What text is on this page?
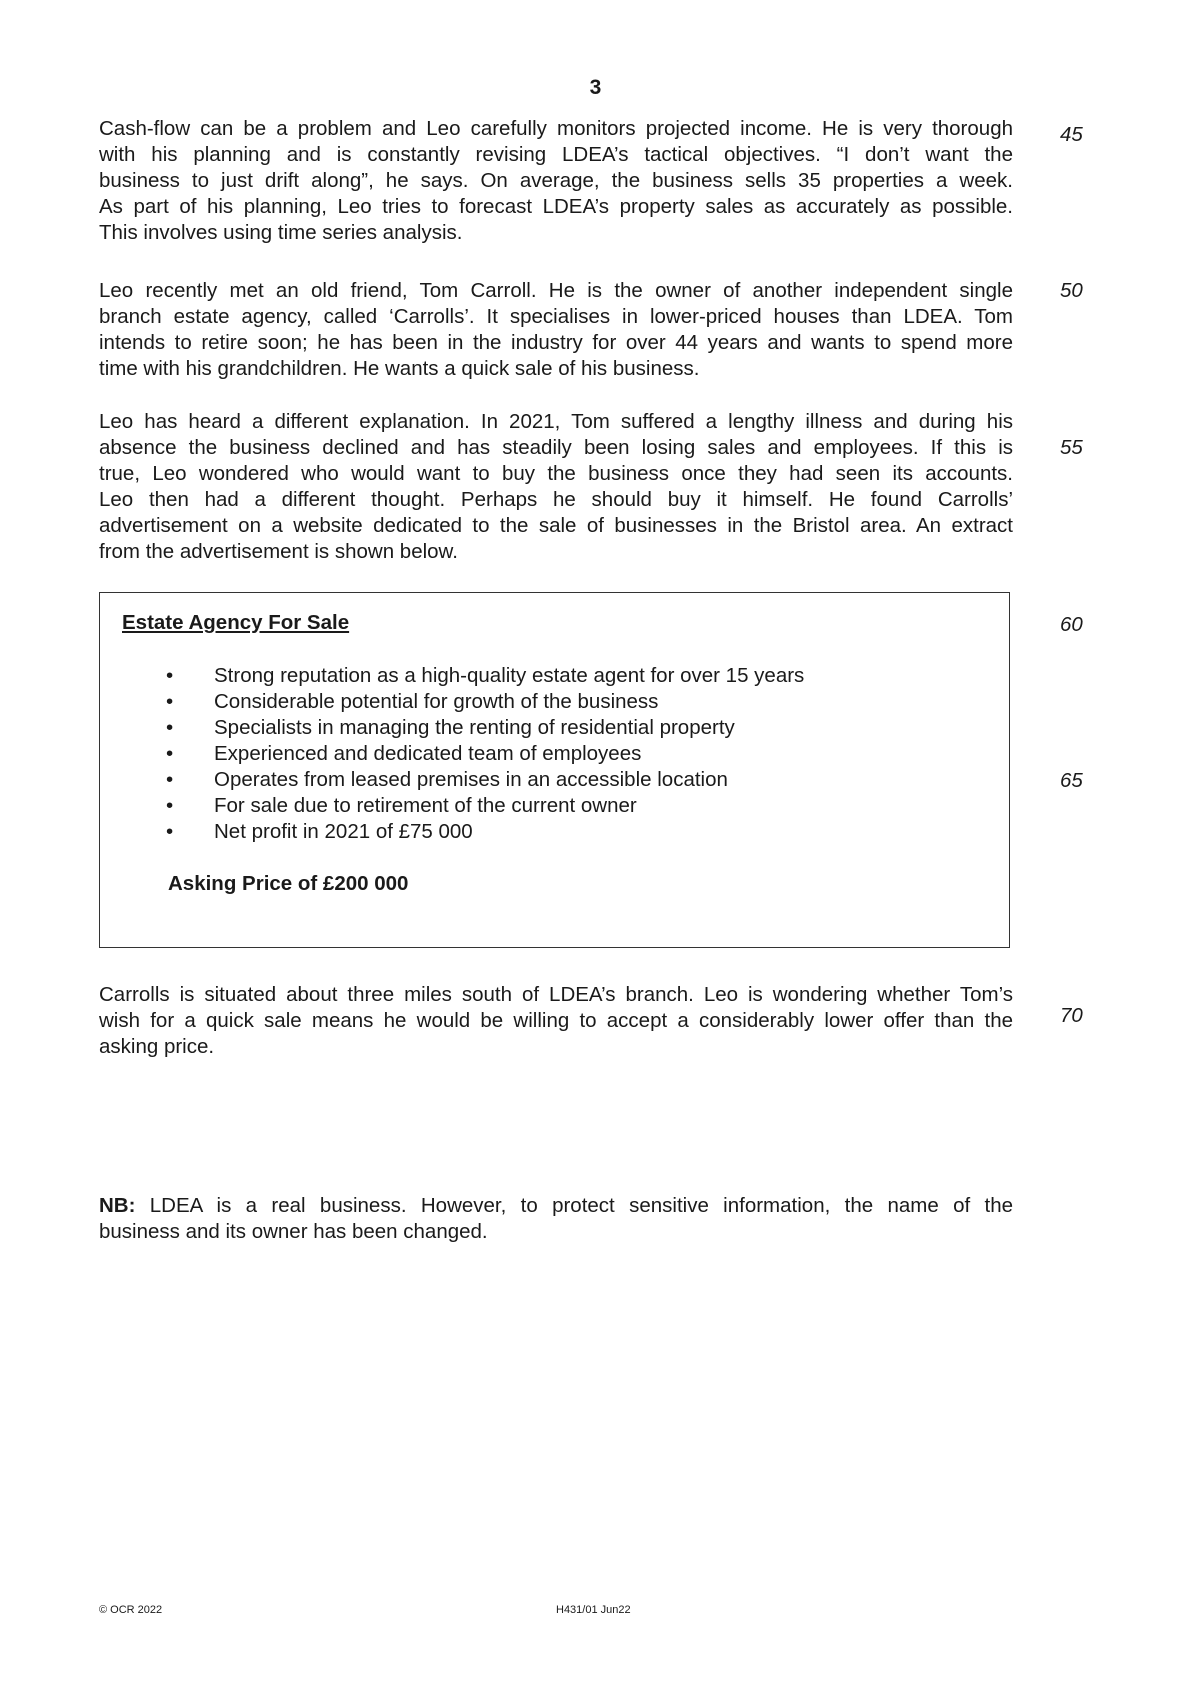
3

Cash-flow can be a problem and Leo carefully monitors projected income. He is very thorough
with his planning and is constantly revising LDEA’s tactical objectives. “I don’t want the
business to just drift along”, he says. On average, the business sells 35 properties a week.
As part of his planning, Leo tries to forecast LDEA’s property sales as accurately as possible.
This involves using time series analysis.

Leo recently met an old friend, Tom Carroll. He is the owner of another independent single
branch estate agency, called ‘Carrolls’. It specialises in lower-priced houses than LDEA. Tom
intends to retire soon; he has been in the industry for over 44 years and wants to spend more
time with his grandchildren. He wants a quick sale of his business.

Leo has heard a different explanation. In 2021, Tom suffered a lengthy illness and during his
absence the business declined and has steadily been losing sales and employees. If this is
true, Leo wondered who would want to buy the business once they had seen its accounts.
Leo then had a different thought. Perhaps he should buy it himself. He found Carrolls’
advertisement on a website dedicated to the sale of businesses in the Bristol area. An extract
from the advertisement is shown below.

Estate Agency For Sale
• Strong reputation as a high-quality estate agent for over 15 years
• Considerable potential for growth of the business
• Specialists in managing the renting of residential property
• Experienced and dedicated team of employees
• Operates from leased premises in an accessible location
• For sale due to retirement of the current owner
• Net profit in 2021 of £75 000
Asking Price of £200 000

Carrolls is situated about three miles south of LDEA’s branch. Leo is wondering whether Tom’s
wish for a quick sale means he would be willing to accept a considerably lower offer than the
asking price.

NB: LDEA is a real business. However, to protect sensitive information, the name of the
business and its owner has been changed.

45
50
55
60
65
70
© OCR 2022	H431/01 Jun22
